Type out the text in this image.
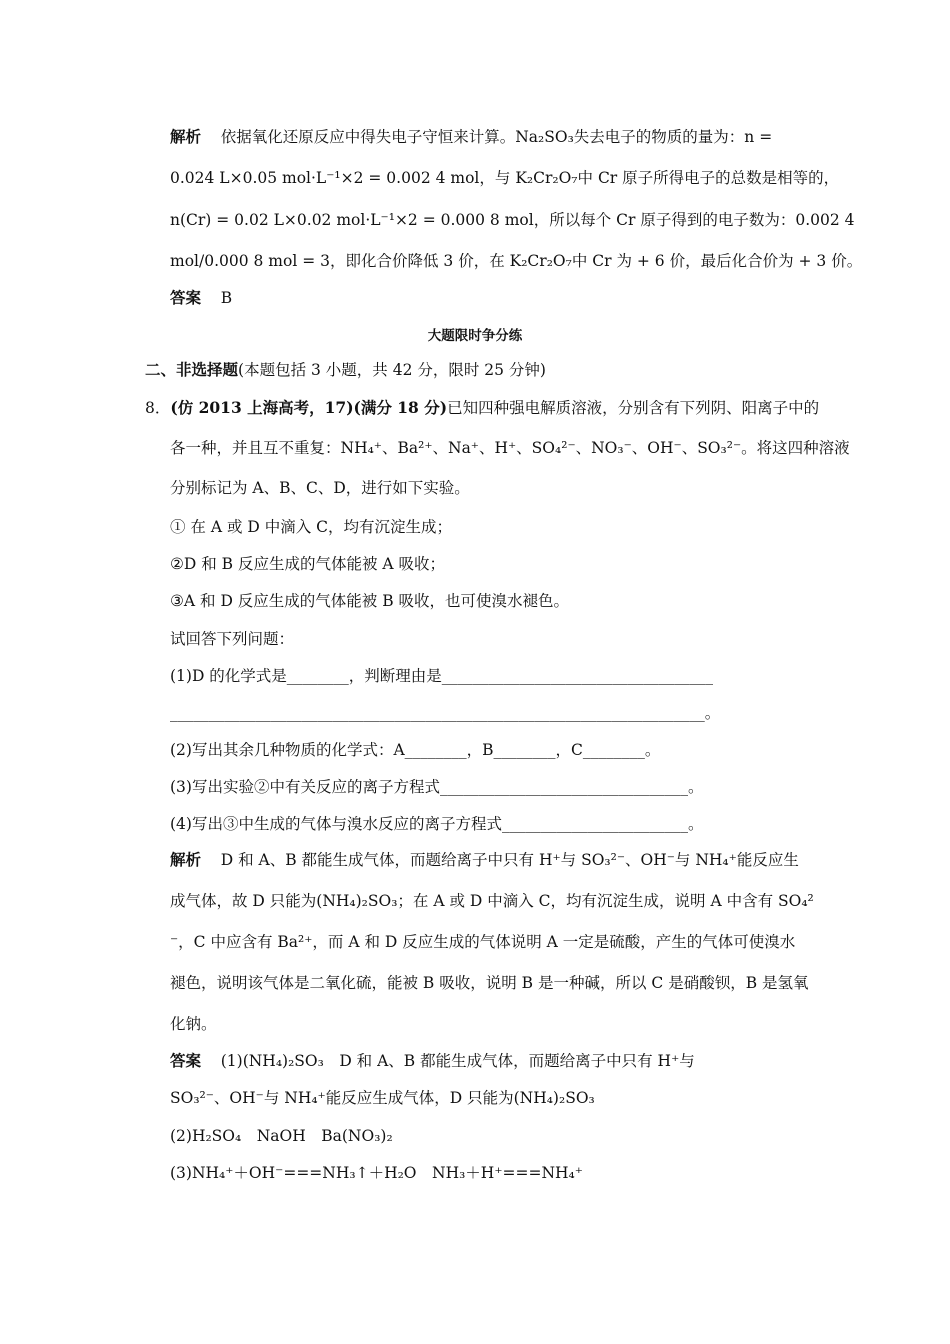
解析 依据氧化还原反应中得失电子守恒来计算。Na₂SO₃失去电子的物质的量为：n =
0.024 L×0.05 mol·L⁻¹×2 = 0.002 4 mol，与 K₂Cr₂O₇中 Cr 原子所得电子的总数是相等的，
n(Cr) = 0.02 L×0.02 mol·L⁻¹×2 = 0.000 8 mol，所以每个 Cr 原子得到的电子数为：0.002 4
mol/0.000 8 mol = 3，即化合价降低 3 价，在 K₂Cr₂O₇中 Cr 为 + 6 价，最后化合价为 + 3 价。
答案 B
大题限时争分练
二、非选择题(本题包括 3 小题，共 42 分，限时 25 分钟)
8．(仿 2013 上海高考，17)(满分 18 分)已知四种强电解质溶液，分别含有下列阴、阳离子中的
各一种，并且互不重复：NH₄⁺、Ba²⁺、Na⁺、H⁺、SO₄²⁻、NO₃⁻、OH⁻、SO₃²⁻。将这四种溶液
分别标记为 A、B、C、D，进行如下实验。
① 在 A 或 D 中滴入 C，均有沉淀生成；
②D 和 B 反应生成的气体能被 A 吸收；
③A 和 D 反应生成的气体能被 B 吸收，也可使溴水褪色。
试回答下列问题：
(1)D 的化学式是________，判断理由是___________________________________
_____________________________________________________________________。
(2)写出其余几种物质的化学式：A________，B________，C________。
(3)写出实验②中有关反应的离子方程式________________________________。
(4)写出③中生成的气体与溴水反应的离子方程式________________________。
解析 D 和 A、B 都能生成气体，而题给离子中只有 H⁺与 SO₃²⁻、OH⁻与 NH₄⁺能反应生
成气体，故 D 只能为(NH₄)₂SO₃；在 A 或 D 中滴入 C，均有沉淀生成，说明 A 中含有 SO₄²
⁻，C 中应含有 Ba²⁺，而 A 和 D 反应生成的气体说明 A 一定是硫酸，产生的气体可使溴水
褪色，说明该气体是二氧化硫，能被 B 吸收，说明 B 是一种碱，所以 C 是硝酸钡，B 是氢氧
化钠。
答案 (1)(NH₄)₂SO₃　D 和 A、B 都能生成气体，而题给离子中只有 H⁺与
SO₃²⁻、OH⁻与 NH₄⁺能反应生成气体，D 只能为(NH₄)₂SO₃
(2)H₂SO₄　NaOH　Ba(NO₃)₂
(3)NH₄⁺＋OH⁻===NH₃↑＋H₂O　NH₃＋H⁺===NH₄⁺
